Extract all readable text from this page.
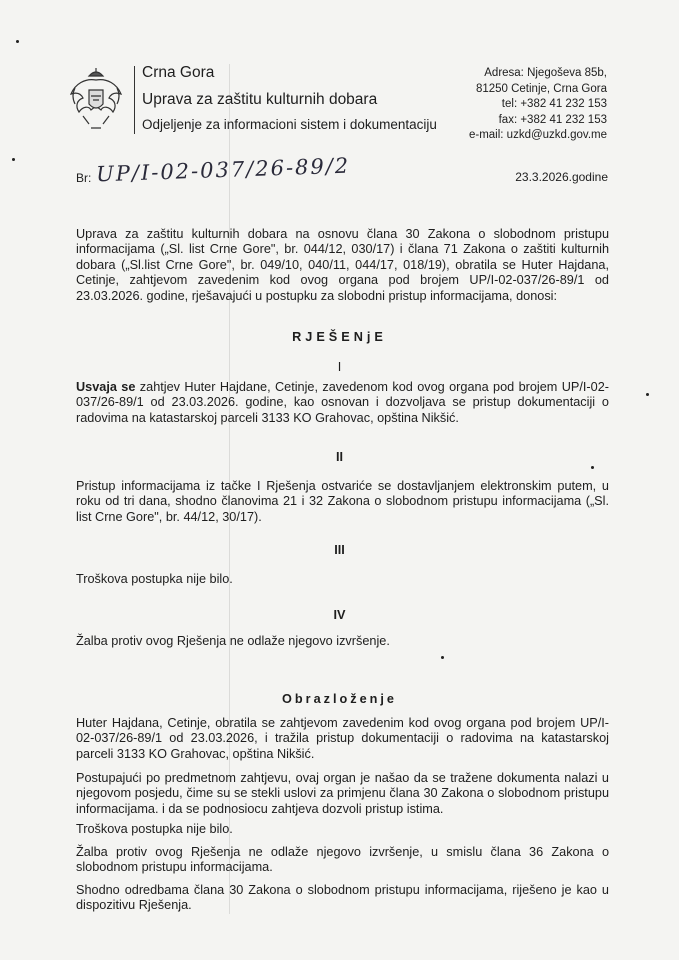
Crna Gora
Uprava za zaštitu kulturnih dobara
Odjeljenje za informacioni sistem i dokumentaciju
Adresa: Njegoševa 85b,
81250 Cetinje, Crna Gora
tel: +382 41 232 153
fax: +382 41 232 153
e-mail: uzkd@uzkd.gov.me
Br: UP/I-02-037/26-89/2	23.3.2026.godine

Uprava za zaštitu kulturnih dobara na osnovu člana 30 Zakona o slobodnom pristupu informacijama („Sl. list Crne Gore", br. 044/12, 030/17) i člana 71 Zakona o zaštiti kulturnih dobara („Sl.list Crne Gore", br. 049/10, 040/11, 044/17, 018/19), obratila se Huter Hajdana, Cetinje, zahtjevom zavedenim kod ovog organa pod brojem UP/I-02-037/26-89/1 od 23.03.2026. godine, rješavajući u postupku za slobodni pristup informacijama, donosi:

RJEŠENjE
I

Usvaja se zahtjev Huter Hajdane, Cetinje, zavedenom kod ovog organa pod brojem UP/I-02-037/26-89/1 od 23.03.2026. godine, kao osnovan i dozvoljava se pristup dokumentaciji o radovima na katastarskoj parceli 3133 KO Grahovac, opština Nikšić.

II

Pristup informacijama iz tačke I Rješenja ostvariće se dostavljanjem elektronskim putem, u roku od tri dana, shodno članovima 21 i 32 Zakona o slobodnom pristupu informacijama („Sl. list Crne Gore", br. 44/12, 30/17).

III

Troškova postupka nije bilo.

IV

Žalba protiv ovog Rješenja ne odlaže njegovo izvršenje.

Obrazloženje

Huter Hajdana, Cetinje, obratila se zahtjevom zavedenim kod ovog organa pod brojem UP/I-02-037/26-89/1 od 23.03.2026, i tražila pristup dokumentaciji o radovima na katastarskoj parceli 3133 KO Grahovac, opština Nikšić.

Postupajući po predmetnom zahtjevu, ovaj organ je našao da se tražene dokumenta nalazi u njegovom posjedu, čime su se stekli uslovi za primjenu člana 30 Zakona o slobodnom pristupu informacijama. i da se podnosiocu zahtjeva dozvoli pristup istima.

Troškova postupka nije bilo.

Žalba protiv ovog Rješenja ne odlaže njegovo izvršenje, u smislu člana 36 Zakona o slobodnom pristupu informacijama.

Shodno odredbama člana 30 Zakona o slobodnom pristupu informacijama, riješeno je kao u dispozitivu Rješenja.
